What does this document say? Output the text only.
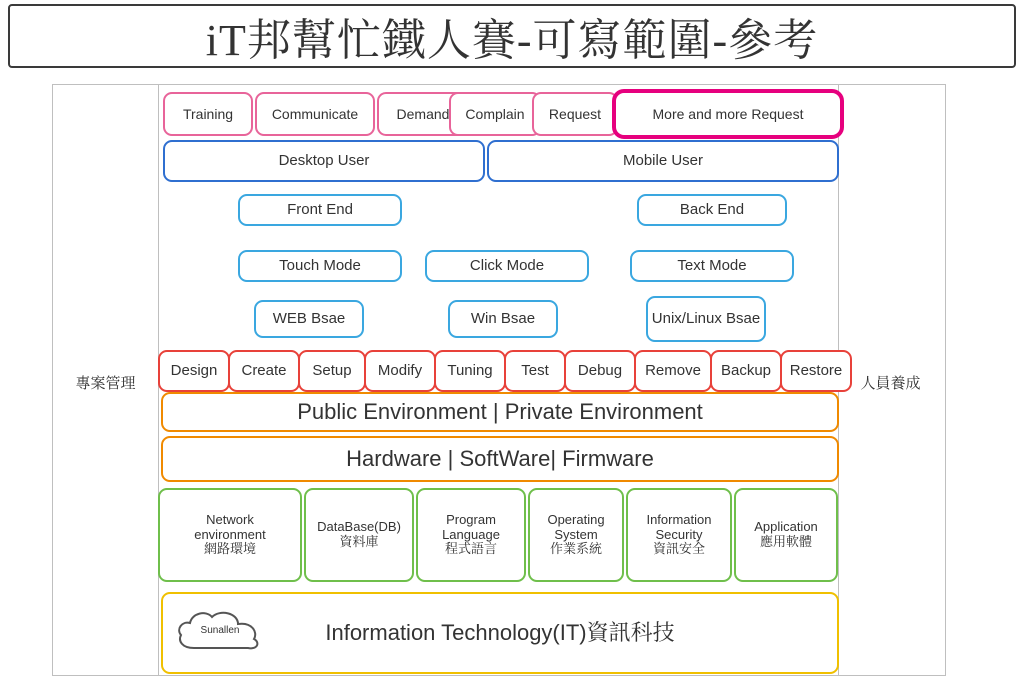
iT邦幫忙鐵人賽-可寫範圍-參考
專案管理	人員養成
Training	Communicate	Demand Complain Request	More and more Request
Desktop User	Mobile User
Front End	Back End
Touch Mode	Click Mode	Text Mode
WEB Bsae	Win Bsae	Unix/Linux Bsae
Design Create Setup Modify Tuning Test Debug Remove Backup Restore
Public Environment | Private Environment
Hardware | SoftWare| Firmware
Network
environment
網路環境
DataBase(DB)
資料庫
Program
Language
程式語言
Operating
System
作業系統
Information
Security
資訊安全
Application
應用軟體
Information Technology(IT)資訊科技
Sunallen
